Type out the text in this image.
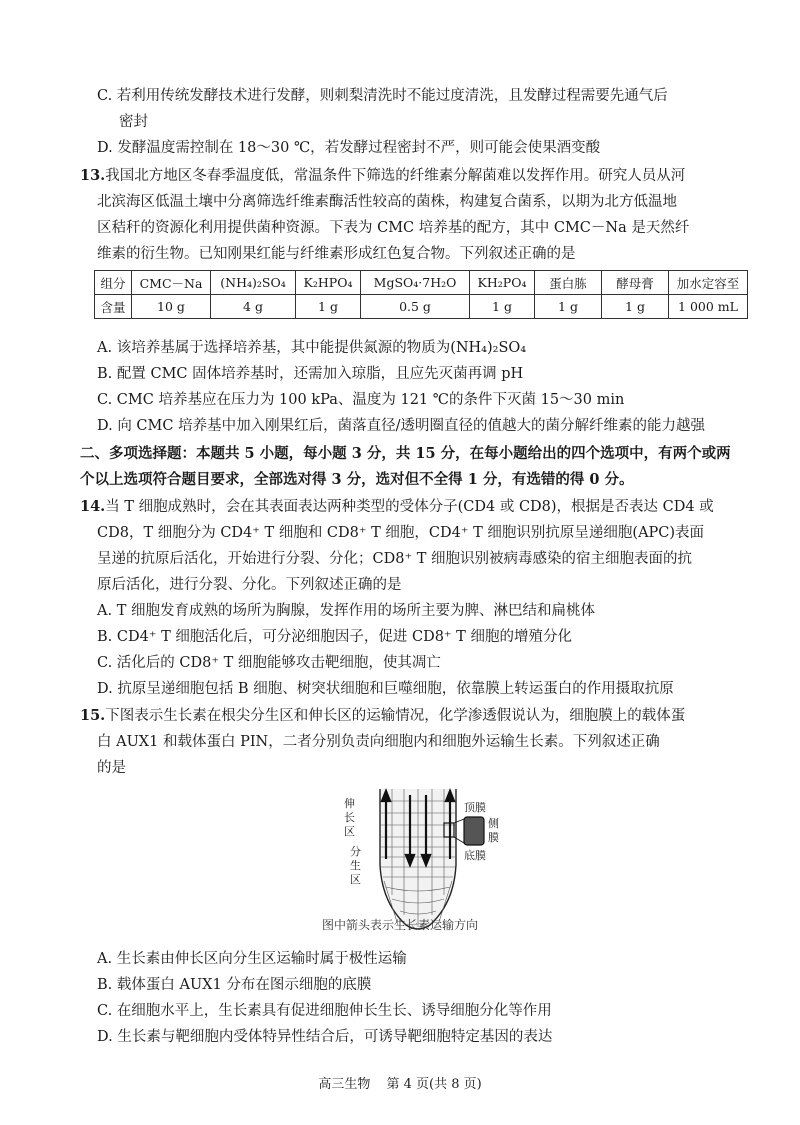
C. 若利用传统发酵技术进行发酵，则刺梨清洗时不能过度清洗，且发酵过程需要先通气后
密封
D. 发酵温度需控制在 18～30 ℃，若发酵过程密封不严，则可能会使果酒变酸
13.我国北方地区冬春季温度低，常温条件下筛选的纤维素分解菌难以发挥作用。研究人员从河
北滨海区低温土壤中分离筛选纤维素酶活性较高的菌株，构建复合菌系，以期为北方低温地
区秸秆的资源化利用提供菌种资源。下表为 CMC 培养基的配方，其中 CMC－Na 是天然纤
维素的衍生物。已知刚果红能与纤维素形成红色复合物。下列叙述正确的是
组分	CMC－Na	(NH₄)₂SO₄	K₂HPO₄	MgSO₄·7H₂O	KH₂PO₄	蛋白胨	酵母膏	加水定容至
含量	10 g	4 g	1 g	0.5 g	1 g	1 g	1 g	1 000 mL
A. 该培养基属于选择培养基，其中能提供氮源的物质为(NH₄)₂SO₄
B. 配置 CMC 固体培养基时，还需加入琼脂，且应先灭菌再调 pH
C. CMC 培养基应在压力为 100 kPa、温度为 121 ℃的条件下灭菌 15～30 min
D. 向 CMC 培养基中加入刚果红后，菌落直径/透明圈直径的值越大的菌分解纤维素的能力越强
二、多项选择题：本题共 5 小题，每小题 3 分，共 15 分，在每小题给出的四个选项中，有两个或两
个以上选项符合题目要求，全部选对得 3 分，选对但不全得 1 分，有选错的得 0 分。
14.当 T 细胞成熟时，会在其表面表达两种类型的受体分子(CD4 或 CD8)，根据是否表达 CD4 或
CD8，T 细胞分为 CD4⁺ T 细胞和 CD8⁺ T 细胞，CD4⁺ T 细胞识别抗原呈递细胞(APC)表面
呈递的抗原后活化，开始进行分裂、分化；CD8⁺ T 细胞识别被病毒感染的宿主细胞表面的抗
原后活化，进行分裂、分化。下列叙述正确的是
A. T 细胞发育成熟的场所为胸腺，发挥作用的场所主要为脾、淋巴结和扁桃体
B. CD4⁺ T 细胞活化后，可分泌细胞因子，促进 CD8⁺ T 细胞的增殖分化
C. 活化后的 CD8⁺ T 细胞能够攻击靶细胞，使其凋亡
D. 抗原呈递细胞包括 B 细胞、树突状细胞和巨噬细胞，依靠膜上转运蛋白的作用摄取抗原
15.下图表示生长素在根尖分生区和伸长区的运输情况，化学渗透假说认为，细胞膜上的载体蛋
白 AUX1 和载体蛋白 PIN，二者分别负责向细胞内和细胞外运输生长素。下列叙述正确
的是
伸
长
区
分
生
区
顶膜
侧
膜
底膜
图中箭头表示生长素运输方向
A. 生长素由伸长区向分生区运输时属于极性运输
B. 载体蛋白 AUX1 分布在图示细胞的底膜
C. 在细胞水平上，生长素具有促进细胞伸长生长、诱导细胞分化等作用
D. 生长素与靶细胞内受体特异性结合后，可诱导靶细胞特定基因的表达
高三生物 第 4 页(共 8 页)
